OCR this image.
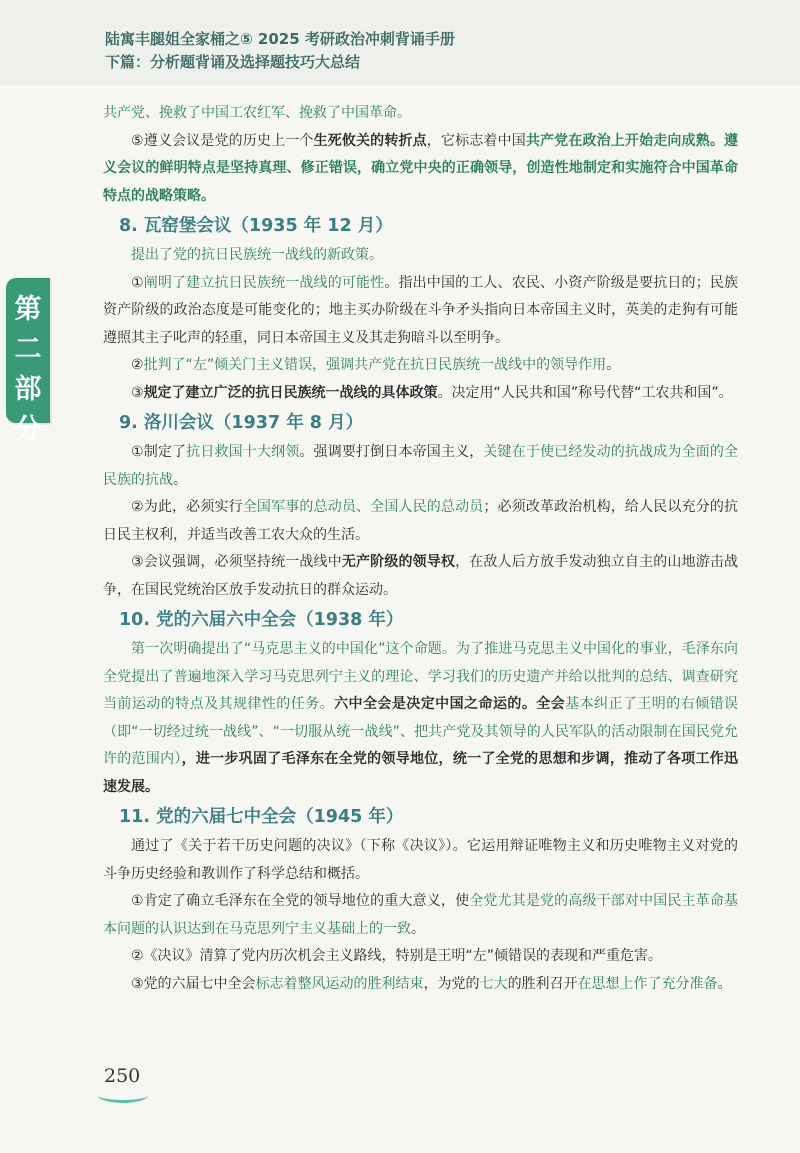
陆寓丰腿姐全家桶之⑤ 2025 考研政治冲刺背诵手册
下篇：分析题背诵及选择题技巧大总结
第二部分

共产党、挽救了中国工农红军、挽救了中国革命。

⑤遵义会议是党的历史上一个生死攸关的转折点，它标志着中国共产党在政治上开始走向成熟。遵义会议的鲜明特点是坚持真理、修正错误，确立党中央的正确领导，创造性地制定和实施符合中国革命特点的战略策略。

8. 瓦窑堡会议（1935 年 12 月）

提出了党的抗日民族统一战线的新政策。

①阐明了建立抗日民族统一战线的可能性。指出中国的工人、农民、小资产阶级是要抗日的；民族资产阶级的政治态度是可能变化的；地主买办阶级在斗争矛头指向日本帝国主义时，英美的走狗有可能遵照其主子叱声的轻重，同日本帝国主义及其走狗暗斗以至明争。

②批判了“左”倾关门主义错误，强调共产党在抗日民族统一战线中的领导作用。

③规定了建立广泛的抗日民族统一战线的具体政策。决定用“人民共和国”称号代替“工农共和国”。

9. 洛川会议（1937 年 8 月）

①制定了抗日救国十大纲领。强调要打倒日本帝国主义，关键在于使已经发动的抗战成为全面的全民族的抗战。

②为此，必须实行全国军事的总动员、全国人民的总动员；必须改革政治机构，给人民以充分的抗日民主权利，并适当改善工农大众的生活。

③会议强调，必须坚持统一战线中无产阶级的领导权，在敌人后方放手发动独立自主的山地游击战争，在国民党统治区放手发动抗日的群众运动。

10. 党的六届六中全会（1938 年）

第一次明确提出了“马克思主义的中国化”这个命题。为了推进马克思主义中国化的事业，毛泽东向全党提出了普遍地深入学习马克思列宁主义的理论、学习我们的历史遗产并给以批判的总结、调查研究当前运动的特点及其规律性的任务。六中全会是决定中国之命运的。全会基本纠正了王明的右倾错误（即“一切经过统一战线”、“一切服从统一战线”、把共产党及其领导的人民军队的活动限制在国民党允许的范围内），进一步巩固了毛泽东在全党的领导地位，统一了全党的思想和步调，推动了各项工作迅速发展。

11. 党的六届七中全会（1945 年）

通过了《关于若干历史问题的决议》（下称《决议》）。它运用辩证唯物主义和历史唯物主义对党的斗争历史经验和教训作了科学总结和概括。

①肯定了确立毛泽东在全党的领导地位的重大意义，使全党尤其是党的高级干部对中国民主革命基本问题的认识达到在马克思列宁主义基础上的一致。

②《决议》清算了党内历次机会主义路线，特别是王明“左”倾错误的表现和严重危害。

③党的六届七中全会标志着整风运动的胜利结束，为党的七大的胜利召开在思想上作了充分准备。

250
